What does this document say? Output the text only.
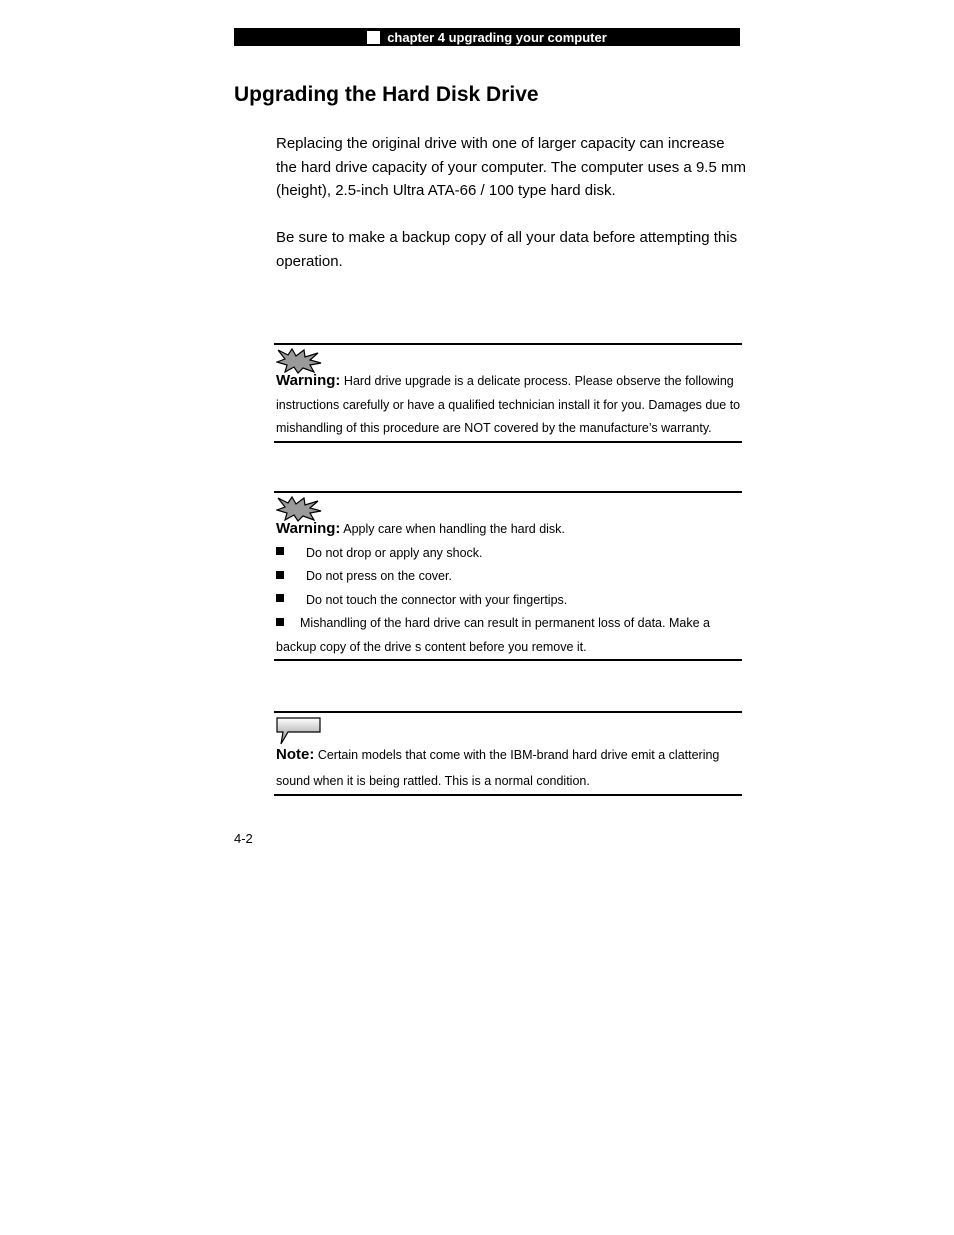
chapter 4 upgrading your computer
Upgrading the Hard Disk Drive

Replacing the original drive with one of larger capacity can increase the hard drive capacity of your computer. The computer uses a 9.5 mm (height), 2.5-inch Ultra ATA-66 / 100 type hard disk.

Be sure to make a backup copy of all your data before attempting this operation.

Warning: Hard drive upgrade is a delicate process. Please observe the following instructions carefully or have a qualified technician install it for you. Damages due to mishandling of this procedure are NOT covered by the manufacture’s warranty.
Warning: Apply care when handling the hard disk.
Do not drop or apply any shock.
Do not press on the cover.
Do not touch the connector with your fingertips.
Mishandling of the hard drive can result in permanent loss of data. Make a backup copy of the drive s content before you remove it.
Note: Certain models that come with the IBM-brand hard drive emit a clattering sound when it is being rattled. This is a normal condition.
4-2
